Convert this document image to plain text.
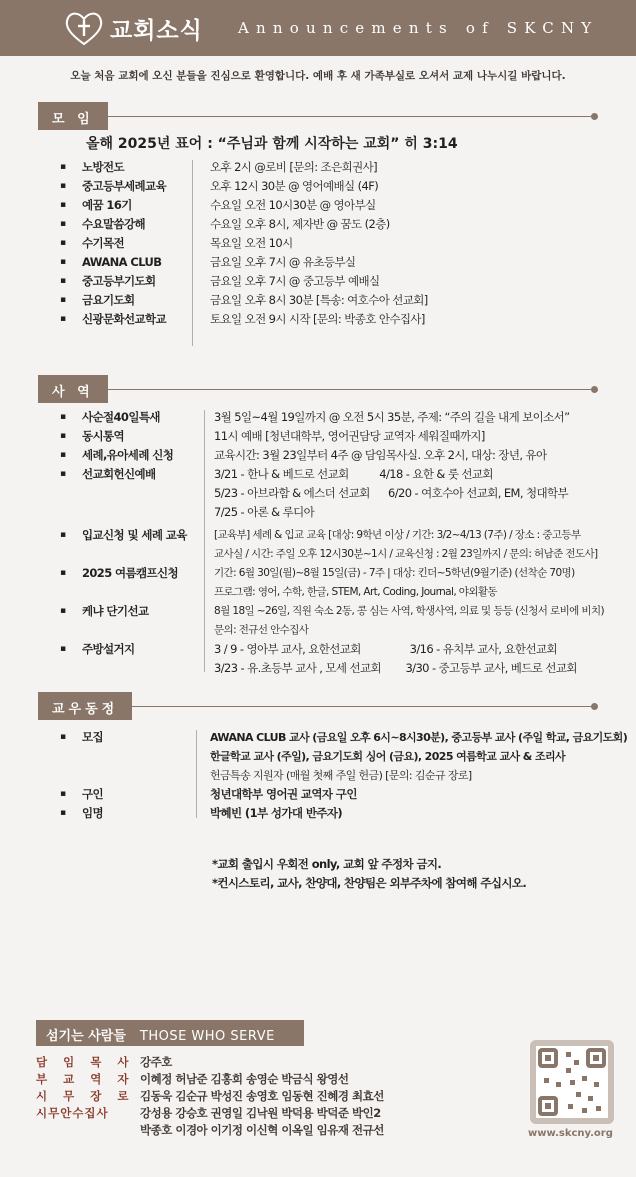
교회소식 Announcements of SKCNY
오늘 처음 교회에 오신 분들을 진심으로 환영합니다. 예배 후 새 가족부실로 오셔서 교제 나누시길 바랍니다.
모 임
올해 2025년 표어 : “주님과 함께 시작하는 교회” 히 3:14
▪	노방전도	오후 2시 @로비 [문의: 조은희권사]
▪	중고등부세례교육	오후 12시 30분 @ 영어예배실 (4F)
▪	예꿈 16기	수요일 오전 10시30분 @ 영아부실
▪	수요말씀강해	수요일 오후 8시, 제자반 @ 꿈도 (2층)
▪	수기목전	목요일 오전 10시
▪	AWANA CLUB	금요일 오후 7시 @ 유초등부실
▪	중고등부기도회	금요일 오후 7시 @ 중고등부 예배실
▪	금요기도회	금요일 오후 8시 30분 [특송: 여호수아 선교회]
▪	신광문화선교학교	토요일 오전 9시 시작 [문의: 박종호 안수집사]
사 역
▪	사순절40일특새	3월 5일~4월 19일까지 @ 오전 5시 35분, 주제: “주의 길을 내게 보이소서”
▪	동시통역	11시 예배 [청년대학부, 영어권담당 교역자 세워질때까지]
▪	세례,유아세례 신청	교육시간: 3월 23일부터 4주 @ 담임목사실. 오후 2시, 대상: 장년, 유아
▪	선교회헌신예배	3/21 - 한나 & 베드로 선교회          4/18 - 요한 & 룻 선교회
5/23 - 아브라함 & 에스더 선교회      6/20 - 여호수아 선교회, EM, 청대학부
7/25 - 아론 & 루디아
▪	입교신청 및 세례 교육	[교육부] 세례 & 입교 교육 [대상: 9학년 이상 / 기간: 3/2~4/13 (7주) / 장소 : 중고등부
교사실 / 시간: 주일 오후 12시30분~1시 / 교육신청 : 2월 23일까지 / 문의: 허남준 전도사]
▪	2025 여름캠프신청	기간: 6월 30일(월)~8월 15일(금) - 7주 | 대상: 킨더~5학년(9월기준) (선착순 70명)
프로그램: 영어, 수학, 한글, STEM, Art, Coding, Journal, 야외활동
▪	케냐 단기선교	8월 18일 ~26일, 직원 숙소 2동, 콩 심는 사역, 학생사역, 의료 및 등등 (신청서 로비에 비치)
문의: 전규선 안수집사
▪	주방설거지	3 / 9 - 영아부 교사, 요한선교회                3/16 - 유치부 교사, 요한선교회
3/23 - 유.초등부 교사 , 모세 선교회        3/30 - 중고등부 교사, 베드로 선교회
교우동정
▪	모집	AWANA CLUB 교사 (금요일 오후 6시~8시30분), 중고등부 교사 (주일 학교, 금요기도회)
한글학교 교사 (주일), 금요기도회 싱어 (금요), 2025 여름학교 교사 & 조리사
헌금특송 지원자 (매월 첫째 주일 헌금) [문의: 김순규 장로]
▪	구인	청년대학부 영어권 교역자 구인
▪	임명	박혜빈 (1부 성가대 반주자)
*교회 출입시 우회전 only, 교회 앞 주정차 금지.
*컨시스토리, 교사, 찬양대, 찬양팀은 외부주차에 참여해 주십시오.
섬기는 사람들 THOSE WHO SERVE
담 임 목 사 강주호
부 교 역 자 이혜정 허남준 김홍희 송영순 박금식 왕영선
시 무 장 로 김동욱 김순규 박성진 송영호 임동현 진혜경 최효선
시무안수집사	강성용 강승호 권영일 김낙원 박덕용 박덕준 박인2
박종호 이경아 이기정 이신혁 이옥일 임유재 전규선	www.skcny.org
